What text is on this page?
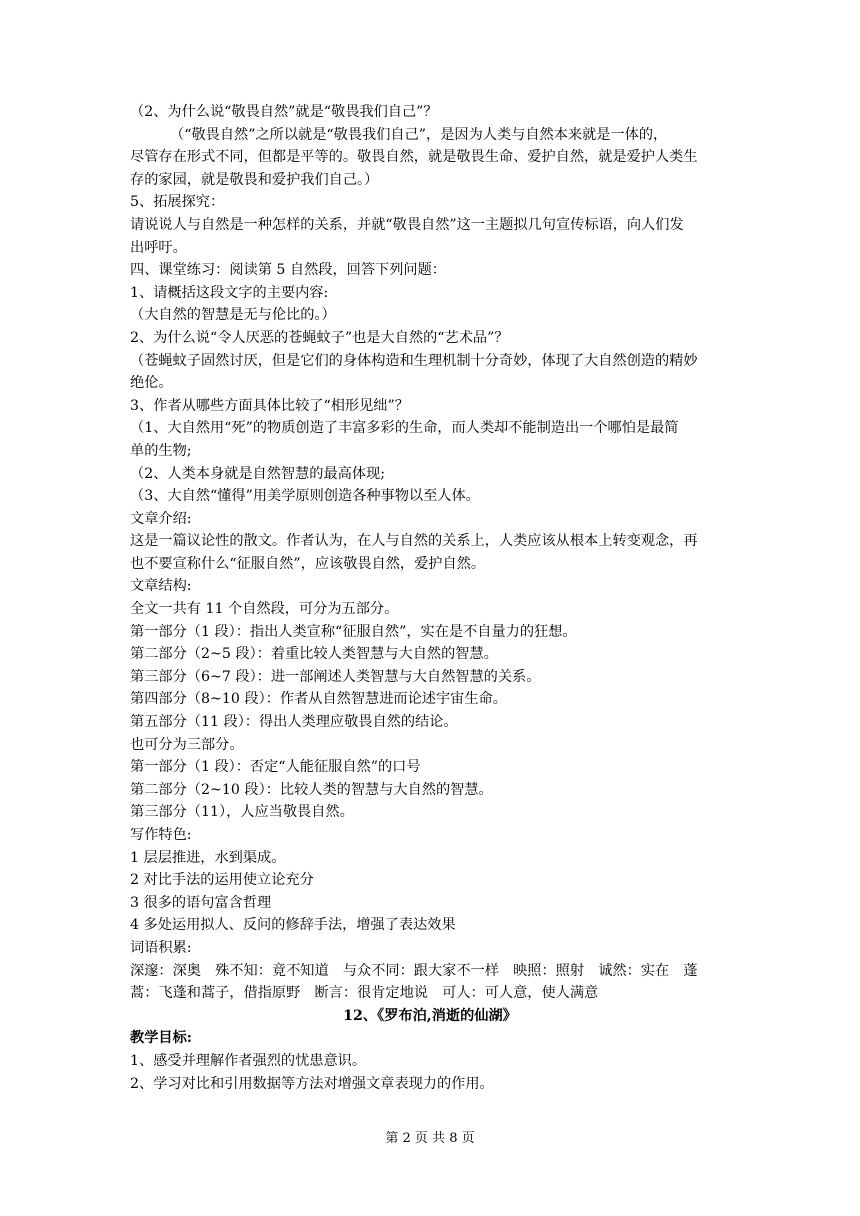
（2、为什么说“敬畏自然”就是“敬畏我们自己”？
（“敬畏自然”之所以就是“敬畏我们自己”，是因为人类与自然本来就是一体的，
尽管存在形式不同，但都是平等的。敬畏自然，就是敬畏生命、爱护自然，就是爱护人类生
存的家园，就是敬畏和爱护我们自己。）
5、拓展探究：
请说说人与自然是一种怎样的关系，并就“敬畏自然”这一主题拟几句宣传标语，向人们发
出呼吁。
四、课堂练习：阅读第 5 自然段，回答下列问题：
1、请概括这段文字的主要内容:
（大自然的智慧是无与伦比的。）
2、为什么说“令人厌恶的苍蝇蚊子”也是大自然的“艺术品”？
（苍蝇蚊子固然讨厌，但是它们的身体构造和生理机制十分奇妙，体现了大自然创造的精妙
绝伦。
3、作者从哪些方面具体比较了“相形见绌”？
（1、大自然用“死”的物质创造了丰富多彩的生命，而人类却不能制造出一个哪怕是最简
单的生物;
（2、人类本身就是自然智慧的最高体现;
（3、大自然“懂得”用美学原则创造各种事物以至人体。
文章介绍:
这是一篇议论性的散文。作者认为，在人与自然的关系上，人类应该从根本上转变观念，再
也不要宣称什么“征服自然”，应该敬畏自然，爱护自然。
文章结构:
全文一共有 11 个自然段，可分为五部分。
第一部分（1 段）：指出人类宣称“征服自然”，实在是不自量力的狂想。
第二部分（2~5 段）：着重比较人类智慧与大自然的智慧。
第三部分（6~7 段）：进一部阐述人类智慧与大自然智慧的关系。
第四部分（8~10 段）：作者从自然智慧进而论述宇宙生命。
第五部分（11 段）：得出人类理应敬畏自然的结论。
也可分为三部分。
第一部分（1 段）：否定“人能征服自然”的口号
第二部分（2~10 段）：比较人类的智慧与大自然的智慧。
第三部分（11），人应当敬畏自然。
写作特色:
1 层层推进，水到渠成。
2 对比手法的运用使立论充分
3 很多的语句富含哲理
4 多处运用拟人、反问的修辞手法，增强了表达效果
词语积累:
深邃：深奥　殊不知：竟不知道　与众不同：跟大家不一样　映照：照射　诚然：实在　蓬
蒿：飞蓬和蒿子，借指原野　断言：很肯定地说　可人：可人意，使人满意
12、《罗布泊,消逝的仙湖》
教学目标:
1、感受并理解作者强烈的忧患意识。
2、学习对比和引用数据等方法对增强文章表现力的作用。
第 2 页 共 8 页
